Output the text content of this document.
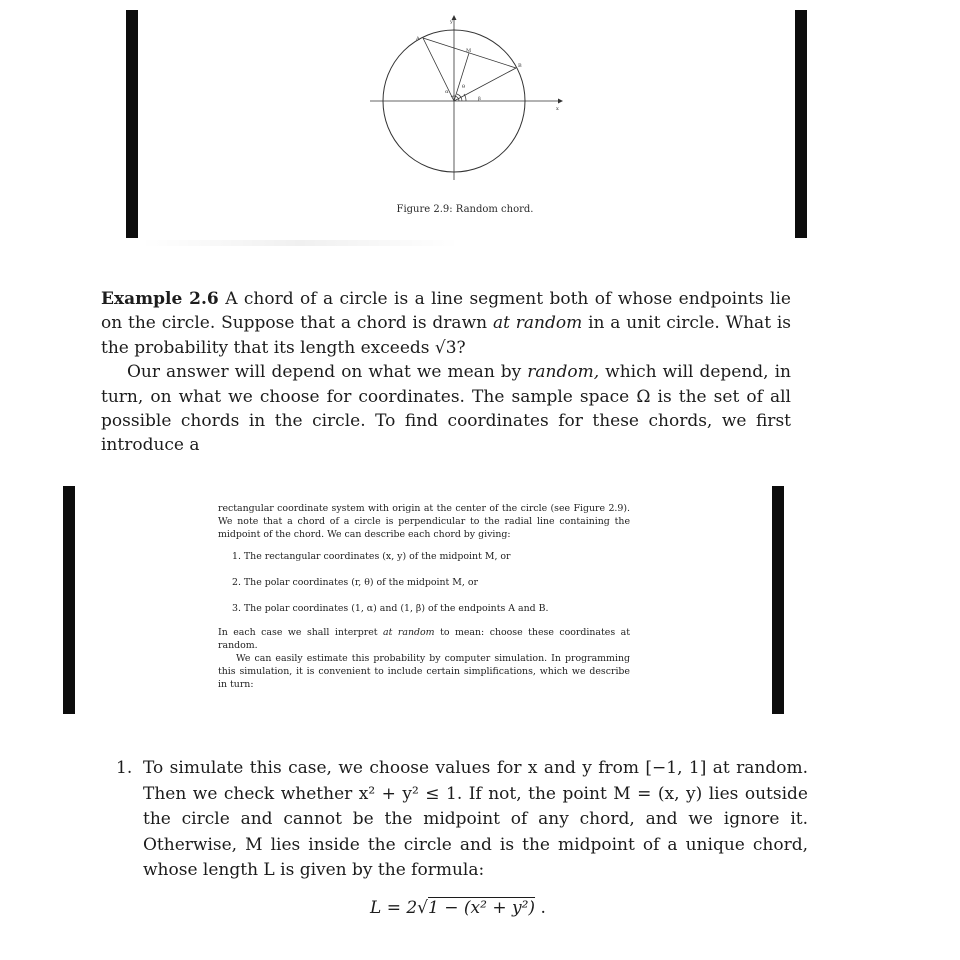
y
x
A
M
B
α
θ
β
Figure 2.9: Random chord.

Example 2.6 A chord of a circle is a line segment both of whose endpoints lie on the circle. Suppose that a chord is drawn at random in a unit circle. What is the probability that its length exceeds √3?

Our answer will depend on what we mean by random, which will depend, in turn, on what we choose for coordinates. The sample space Ω is the set of all possible chords in the circle. To find coordinates for these chords, we first introduce a

rectangular coordinate system with origin at the center of the circle (see Figure 2.9). We note that a chord of a circle is perpendicular to the radial line containing the midpoint of the chord. We can describe each chord by giving:

1. The rectangular coordinates (x, y) of the midpoint M, or
2. The polar coordinates (r, θ) of the midpoint M, or
3. The polar coordinates (1, α) and (1, β) of the endpoints A and B.

In each case we shall interpret at random to mean: choose these coordinates at random.

We can easily estimate this probability by computer simulation. In programming this simulation, it is convenient to include certain simplifications, which we describe in turn:

1. To simulate this case, we choose values for x and y from [−1, 1] at random. Then we check whether x² + y² ≤ 1. If not, the point M = (x, y) lies outside the circle and cannot be the midpoint of any chord, and we ignore it. Otherwise, M lies inside the circle and is the midpoint of a unique chord, whose length L is given by the formula:
L = 2√1 − (x² + y²) .
